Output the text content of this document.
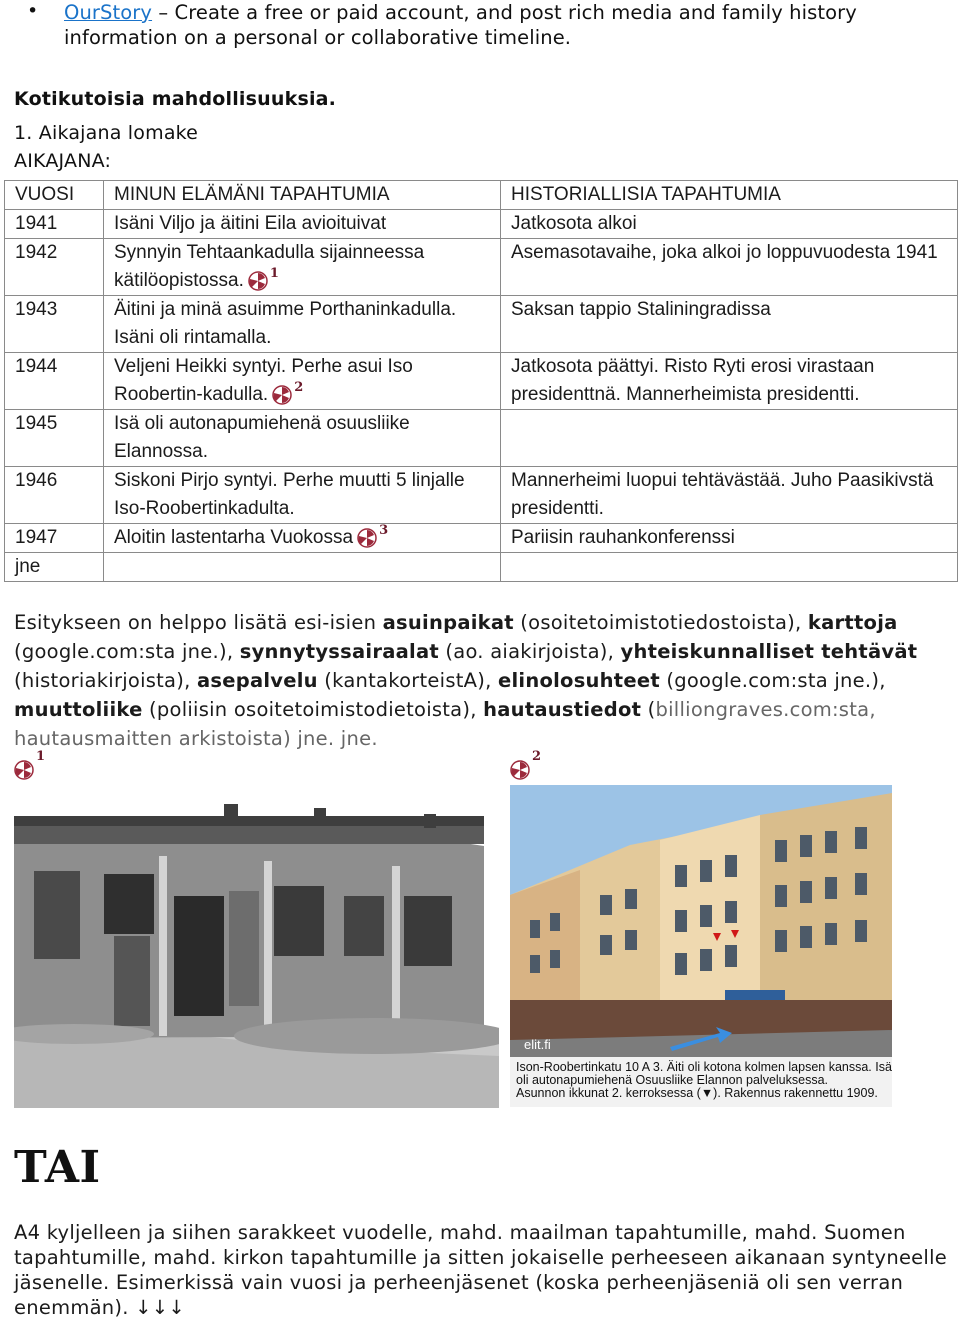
• OurStory – Create a free or paid account, and post rich media and family history information on a personal or collaborative timeline.
Kotikutoisia mahdollisuuksia.
1. Aikajana lomake
AIKAJANA:
VUOSI	MINUN ELÄMÄNI TAPAHTUMIA	HISTORIALLISIA TAPAHTUMIA
1941	Isäni Viljo ja äitini Eila avioituivat	Jatkosota alkoi
1942	Synnyin Tehtaankadulla sijainneessa kätilöopistossa. 1	Asemasotavaihe, joka alkoi jo loppuvuodesta 1941
1943	Äitini ja minä asuimme Porthaninkadulla. Isäni oli rintamalla.	Saksan tappio Staliningradissa
1944	Veljeni Heikki syntyi. Perhe asui Iso Roobertin-kadulla. 2	Jatkosota päättyi. Risto Ryti erosi virastaan presidenttnä. Mannerheimista presidentti.
1945	Isä oli autonapumiehenä osuusliike Elannossa.	
1946	Siskoni Pirjo syntyi. Perhe muutti 5 linjalle Iso-Roobertinkadulta.	Mannerheimi luopui tehtävästää. Juho Paasikivstä presidentti.
1947	Aloitin lastentarha Vuokossa 3	Pariisin rauhankonferenssi
jne		
Esitykseen on helppo lisätä esi-isien asuinpaikat (osoitetoimistotiedostoista), karttoja (google.com:sta jne.), synnytyssairaalat (ao. aiakirjoista), yhteiskunnalliset tehtävät (historiakirjoista), asepalvelu (kantakorteistA), elinolosuhteet (google.com:sta jne.), muuttoliike (poliisin osoitetoimistodietoista), hautaustiedot (billiongraves.com:sta, hautausmaitten arkistoista) jne. jne.
1	2
elit.fi
Ison-Roobertinkatu 10 A 3. Äiti oli kotona kolmen lapsen kanssa. Isä
oli autonapumiehenä Osuusliike Elannon palveluksessa.
Asunnon ikkunat 2. kerroksessa (▼). Rakennus rakennettu 1909.
TAI
A4 kyljelleen ja siihen sarakkeet vuodelle, mahd. maailman tapahtumille, mahd. Suomen tapahtumille, mahd. kirkon tapahtumille ja sitten jokaiselle perheeseen aikanaan syntyneelle jäsenelle. Esimerkissä vain vuosi ja perheenjäsenet (koska perheenjäseniä oli sen verran enemmän). ↓↓↓
